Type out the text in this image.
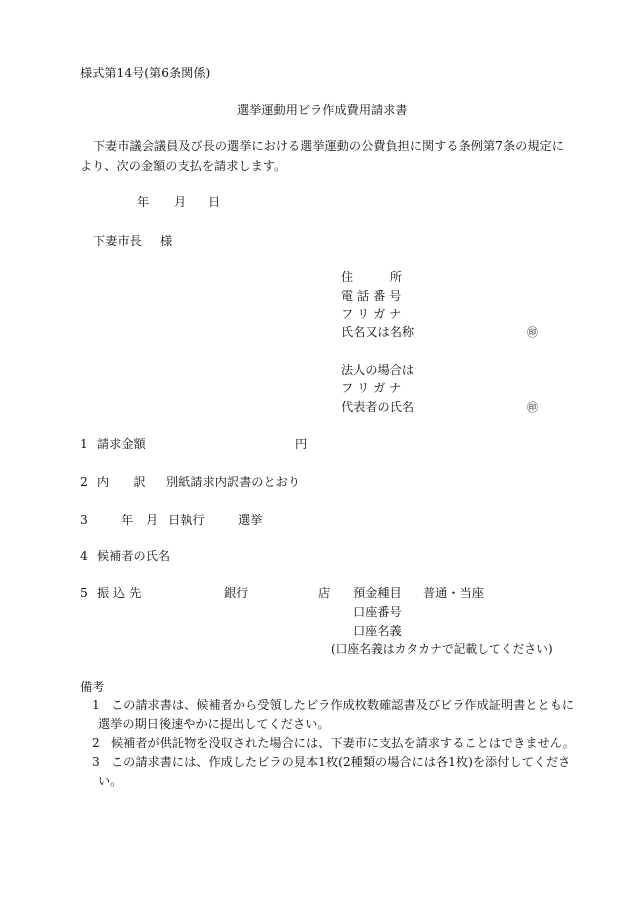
様式第14号(第6条関係)
選挙運動用ビラ作成費用請求書
下妻市議会議員及び長の選挙における選挙運動の公費負担に関する条例第7条の規定に
より、次の金額の支払を請求します。
年 月 日
下妻市長 様
住　　　所
電 話 番 号
フ リ ガ ナ
氏名又は名称	㊞
法人の場合は
フ リ ガ ナ
代表者の氏名	㊞
1 請求金額	円
2 内　　訳 別紙請求内訳書のとおり
3	年 月 日執行	選挙
4 候補者の氏名
5 振 込 先	銀行	店 預金種目 普通・当座
口座番号
口座名義
(口座名義はカタカナで記載してください)
備考
1 この請求書は、候補者から受領したビラ作成枚数確認書及びビラ作成証明書とともに
選挙の期日後速やかに提出してください。
2 候補者が供託物を没収された場合には、下妻市に支払を請求することはできません。
3 この請求書には、作成したビラの見本1枚(2種類の場合には各1枚)を添付してくださ
い。
